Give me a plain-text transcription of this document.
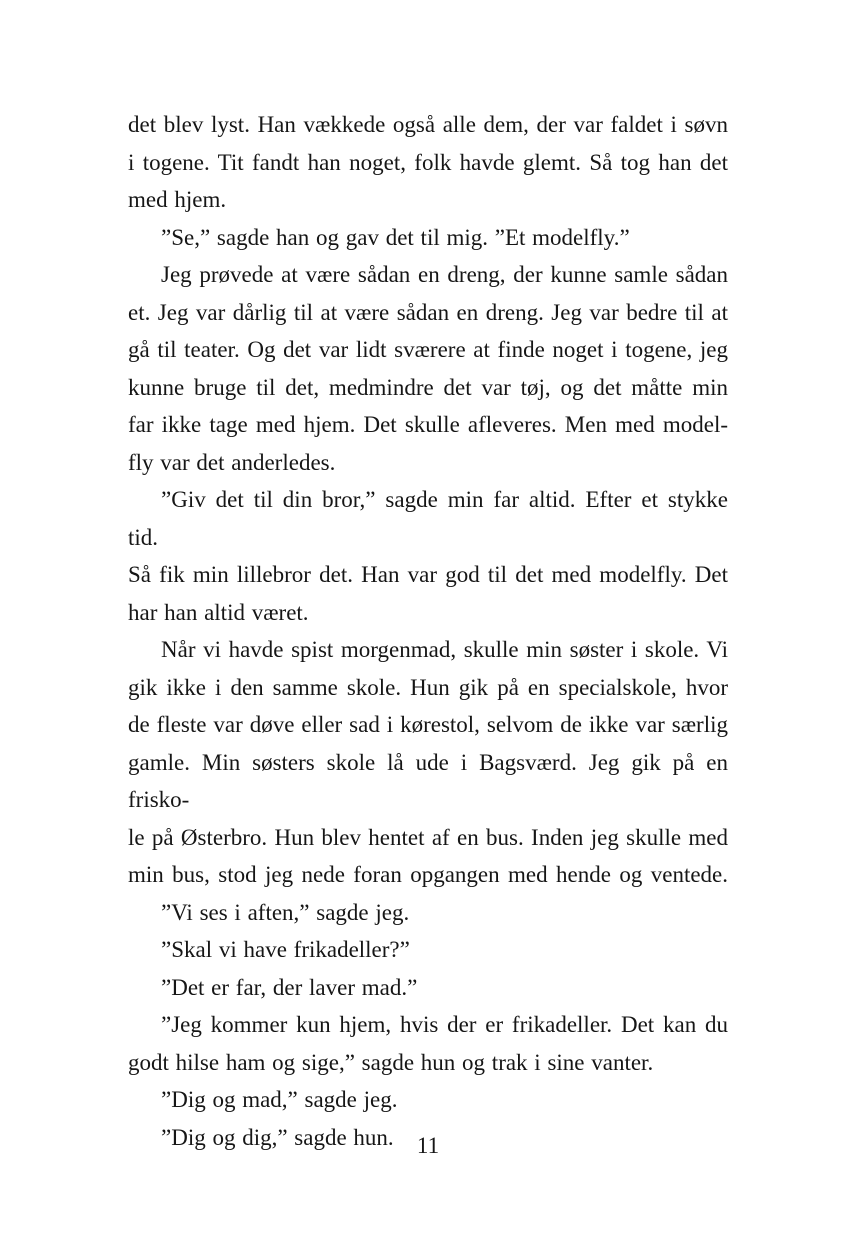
det blev lyst. Han vækkede også alle dem, der var faldet i søvn
i togene. Tit fandt han noget, folk havde glemt. Så tog han det
med hjem.
”Se,” sagde han og gav det til mig. ”Et modelfly.”
Jeg prøvede at være sådan en dreng, der kunne samle sådan
et. Jeg var dårlig til at være sådan en dreng. Jeg var bedre til at
gå til teater. Og det var lidt sværere at finde noget i togene, jeg
kunne bruge til det, medmindre det var tøj, og det måtte min
far ikke tage med hjem. Det skulle afleveres. Men med model-
fly var det anderledes.
”Giv det til din bror,” sagde min far altid. Efter et stykke tid.
Så fik min lillebror det. Han var god til det med modelfly. Det
har han altid været.
Når vi havde spist morgenmad, skulle min søster i skole. Vi
gik ikke i den samme skole. Hun gik på en specialskole, hvor
de fleste var døve eller sad i kørestol, selvom de ikke var særlig
gamle. Min søsters skole lå ude i Bagsværd. Jeg gik på en frisko-
le på Østerbro. Hun blev hentet af en bus. Inden jeg skulle med
min bus, stod jeg nede foran opgangen med hende og ventede.
”Vi ses i aften,” sagde jeg.
”Skal vi have frikadeller?”
”Det er far, der laver mad.”
”Jeg kommer kun hjem, hvis der er frikadeller. Det kan du
godt hilse ham og sige,” sagde hun og trak i sine vanter.
”Dig og mad,” sagde jeg.
”Dig og dig,” sagde hun.	11
